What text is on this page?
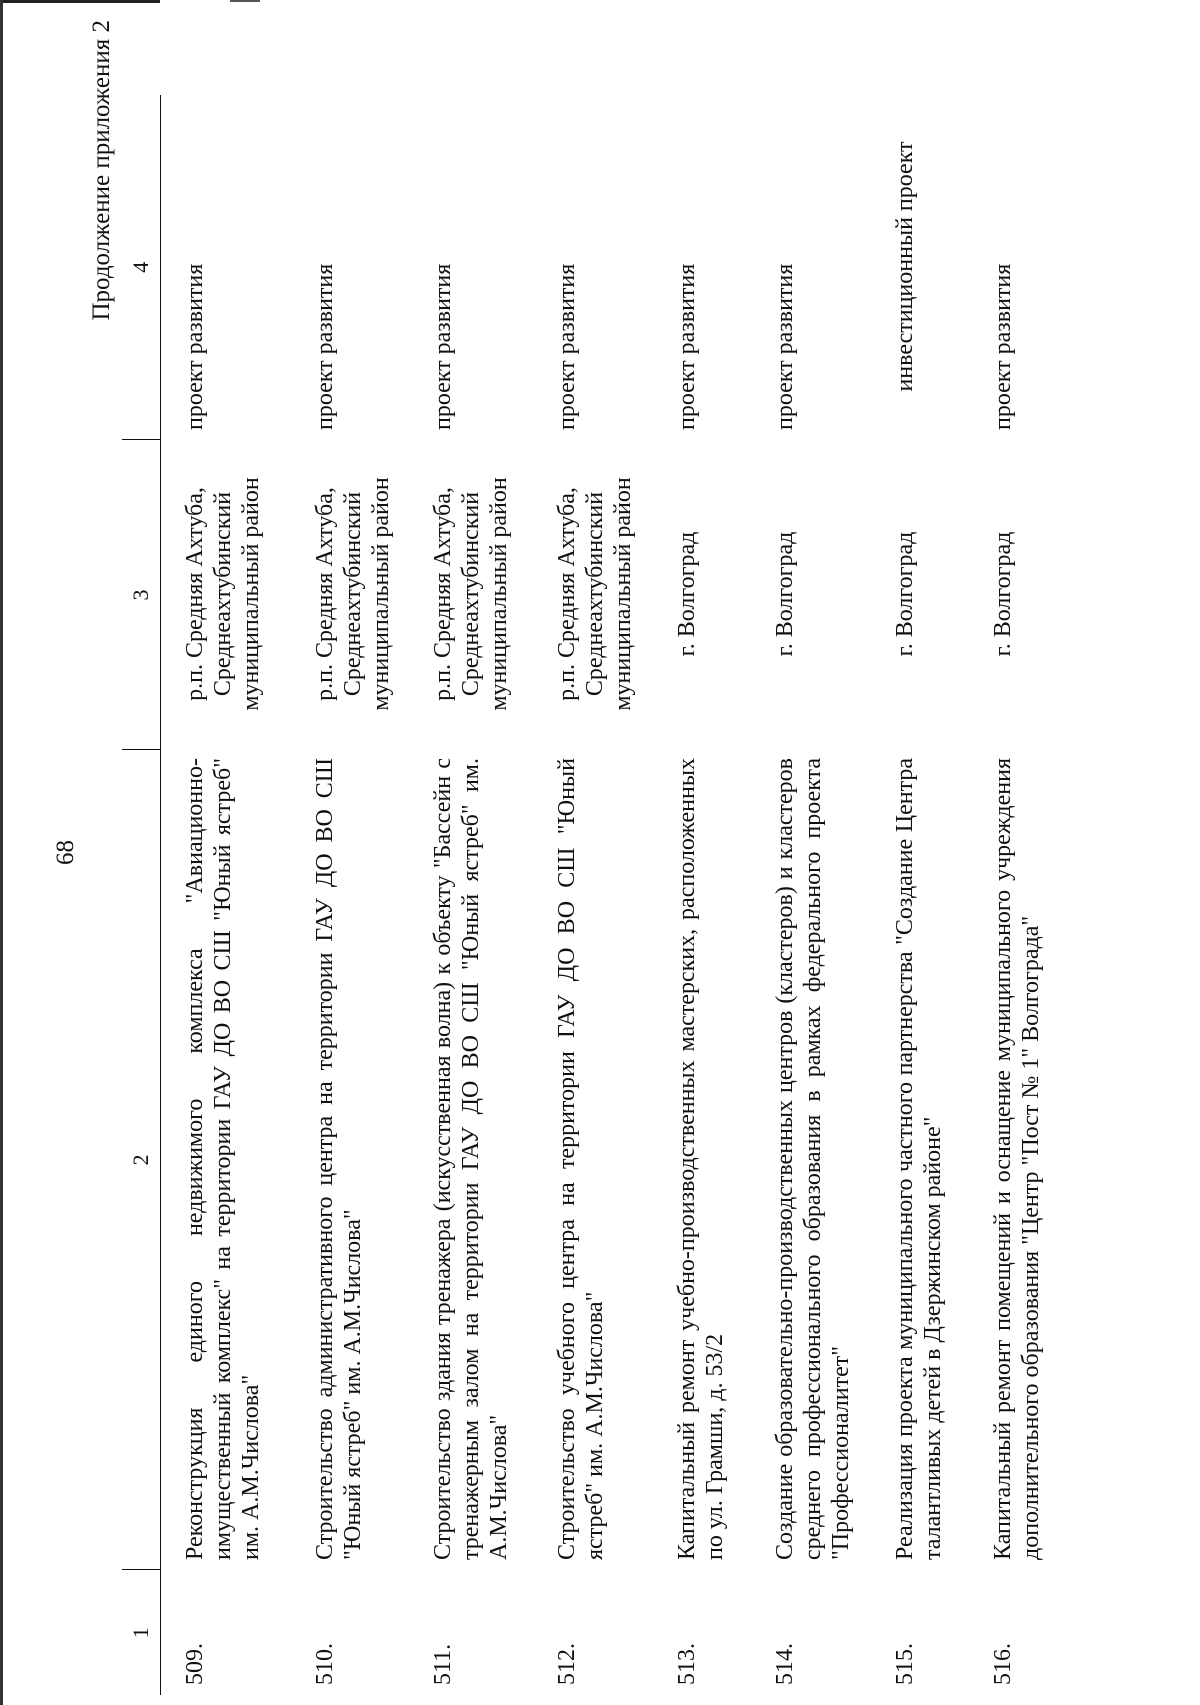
68
Продолжение приложения 2
1	2	3	4
509.	Реконструкция единого недвижимого комплекса "Авиационно-имущественный комплекс" на территории ГАУ ДО ВО СШ "Юный ястреб" им. А.М.Числова"	р.п. Средняя Ахтуба, Среднеахтубинский муниципальный район	проект развития
510.	Строительство административного центра на территории ГАУ ДО ВО СШ "Юный ястреб" им. А.М.Числова"	р.п. Средняя Ахтуба, Среднеахтубинский муниципальный район	проект развития
511.	Строительство здания тренажера (искусственная волна) к объекту "Бассейн с тренажерным залом на территории ГАУ ДО ВО СШ "Юный ястреб" им. А.М.Числова"	р.п. Средняя Ахтуба, Среднеахтубинский муниципальный район	проект развития
512.	Строительство учебного центра на территории ГАУ ДО ВО СШ "Юный ястреб" им. А.М.Числова"	р.п. Средняя Ахтуба, Среднеахтубинский муниципальный район	проект развития
513.	Капитальный ремонт учебно-производственных мастерских, расположенных по ул. Грамши, д. 53/2	г. Волгоград	проект развития
514.	Создание образовательно-производственных центров (кластеров) и кластеров среднего профессионального образования в рамках федерального проекта "Профессионалитет"	г. Волгоград	проект развития
515.	Реализация проекта муниципального частного партнерства "Создание Центра талантливых детей в Дзержинском районе"	г. Волгоград	инвестиционный проект
516.	Капитальный ремонт помещений и оснащение муниципального учреждения дополнительного образования "Центр "Пост № 1" Волгограда"	г. Волгоград	проект развития
